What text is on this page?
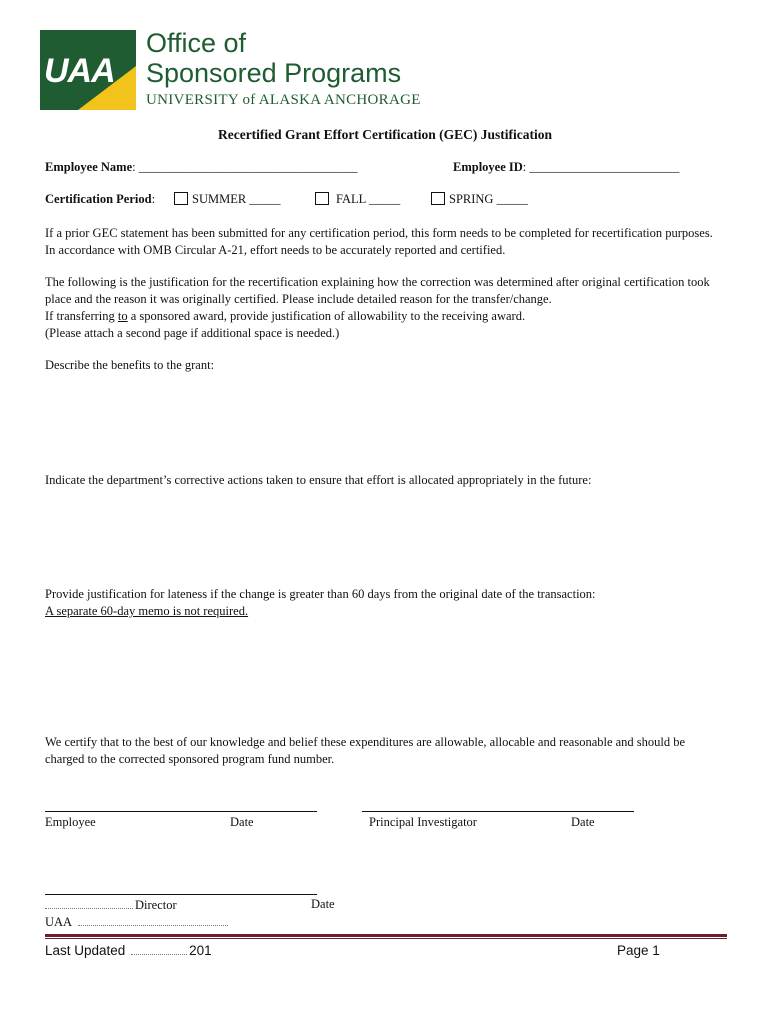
UAA
Office of
Sponsored Programs
UNIVERSITY of ALASKA ANCHORAGE
Recertified Grant Effort Certification (GEC) Justification
Employee Name: ___________________________________	Employee ID: ________________________
Certification Period:	SUMMER _____	FALL _____	SPRING _____
If a prior GEC statement has been submitted for any certification period, this form needs to be completed for recertification purposes. In accordance with OMB Circular A-21, effort needs to be accurately reported and certified.
The following is the justification for the recertification explaining how the correction was determined after original certification took place and the reason it was originally certified. Please include detailed reason for the transfer/change.
If transferring to a sponsored award, provide justification of allowability to the receiving award.
(Please attach a second page if additional space is needed.)
Describe the benefits to the grant:
Indicate the department’s corrective actions taken to ensure that effort is allocated appropriately in the future:
Provide justification for lateness if the change is greater than 60 days from the original date of the transaction:
A separate 60-day memo is not required.
We certify that to the best of our knowledge and belief these expenditures are allowable, allocable and reasonable and should be charged to the corrected sponsored program fund number.
Employee	Date	Principal Investigator	Date
Director
UAA
Date
Last Updated	201	Page 1
